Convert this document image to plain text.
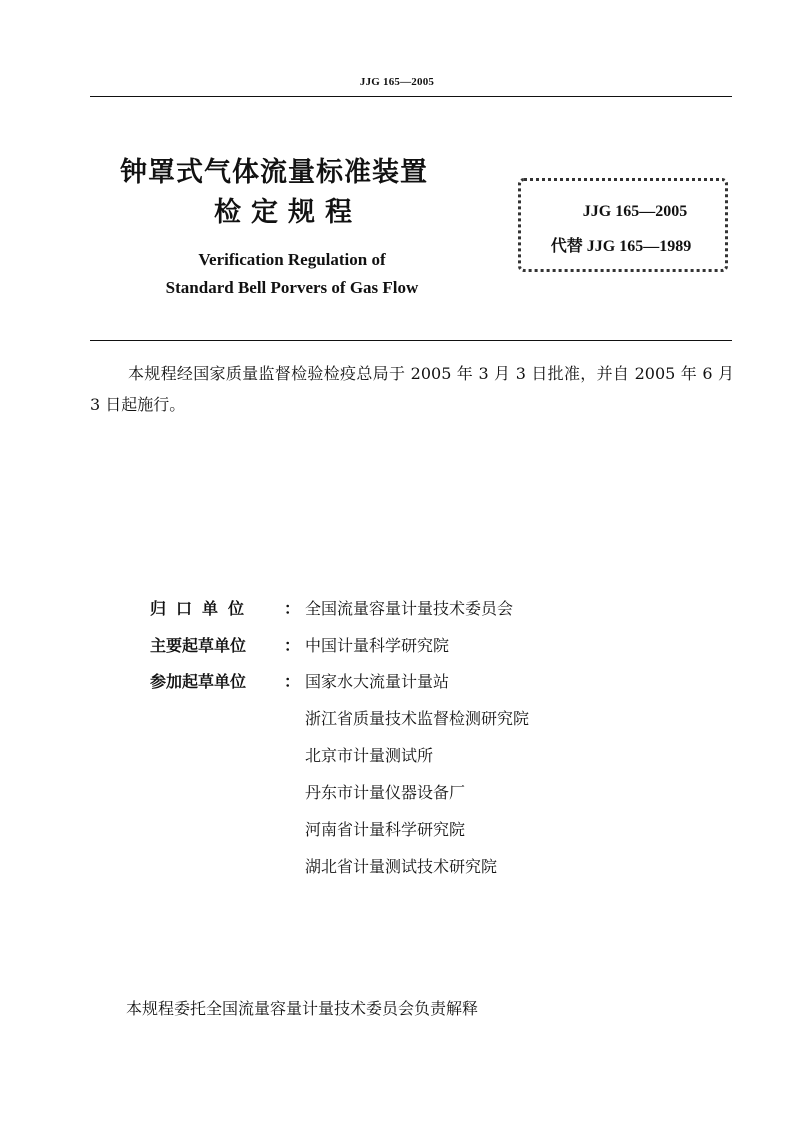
JJG 165—2005
钟罩式气体流量标准装置
检定规程
Verification Regulation of
Standard Bell Porvers of Gas Flow
JJG 165—2005
代替 JJG 165—1989
本规程经国家质量监督检验检疫总局于 2005 年 3 月 3 日批准，并自 2005 年 6 月 3 日起施行。
归口单位	： 全国流量容量计量技术委员会
主要起草单位	： 中国计量科学研究院
参加起草单位	： 国家水大流量计量站
浙江省质量技术监督检测研究院
北京市计量测试所
丹东市计量仪器设备厂
河南省计量科学研究院
湖北省计量测试技术研究院
本规程委托全国流量容量计量技术委员会负责解释
